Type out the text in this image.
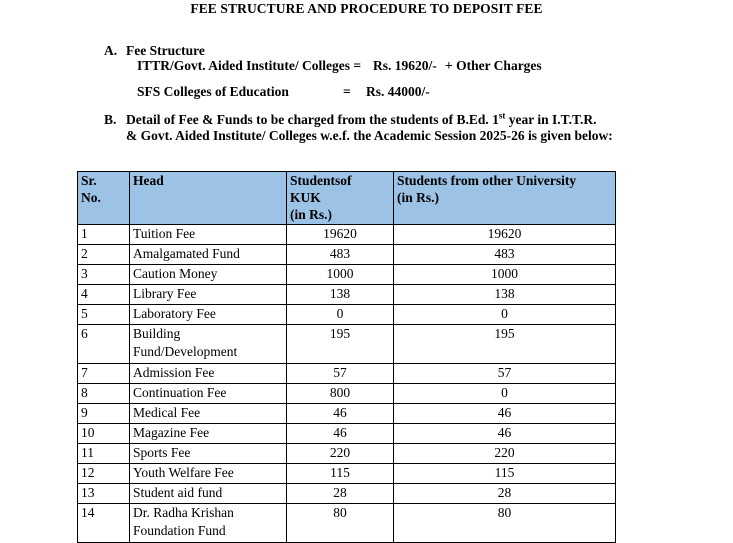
FEE STRUCTURE AND PROCEDURE TO DEPOSIT FEE
A. Fee Structure
ITTR/Govt. Aided Institute/ Colleges = Rs. 19620/- + Other Charges
SFS Colleges of Education	= Rs. 44000/-
B. Detail of Fee & Funds to be charged from the students of B.Ed. 1st year in I.T.T.R.
& Govt. Aided Institute/ Colleges w.e.f. the Academic Session 2025-26 is given below:
Sr.
No.	Head	Studentsof
KUK
(in Rs.)	Students from other University
(in Rs.)
1	Tuition Fee	19620	19620
2	Amalgamated Fund	483	483
3	Caution Money	1000	1000
4	Library Fee	138	138
5	Laboratory Fee	0	0
6	Building
Fund/Development	195	195
7	Admission Fee	57	57
8	Continuation Fee	800	0
9	Medical Fee	46	46
10	Magazine Fee	46	46
11	Sports Fee	220	220
12	Youth Welfare Fee	115	115
13	Student aid fund	28	28
14	Dr. Radha Krishan
Foundation Fund	80	80
